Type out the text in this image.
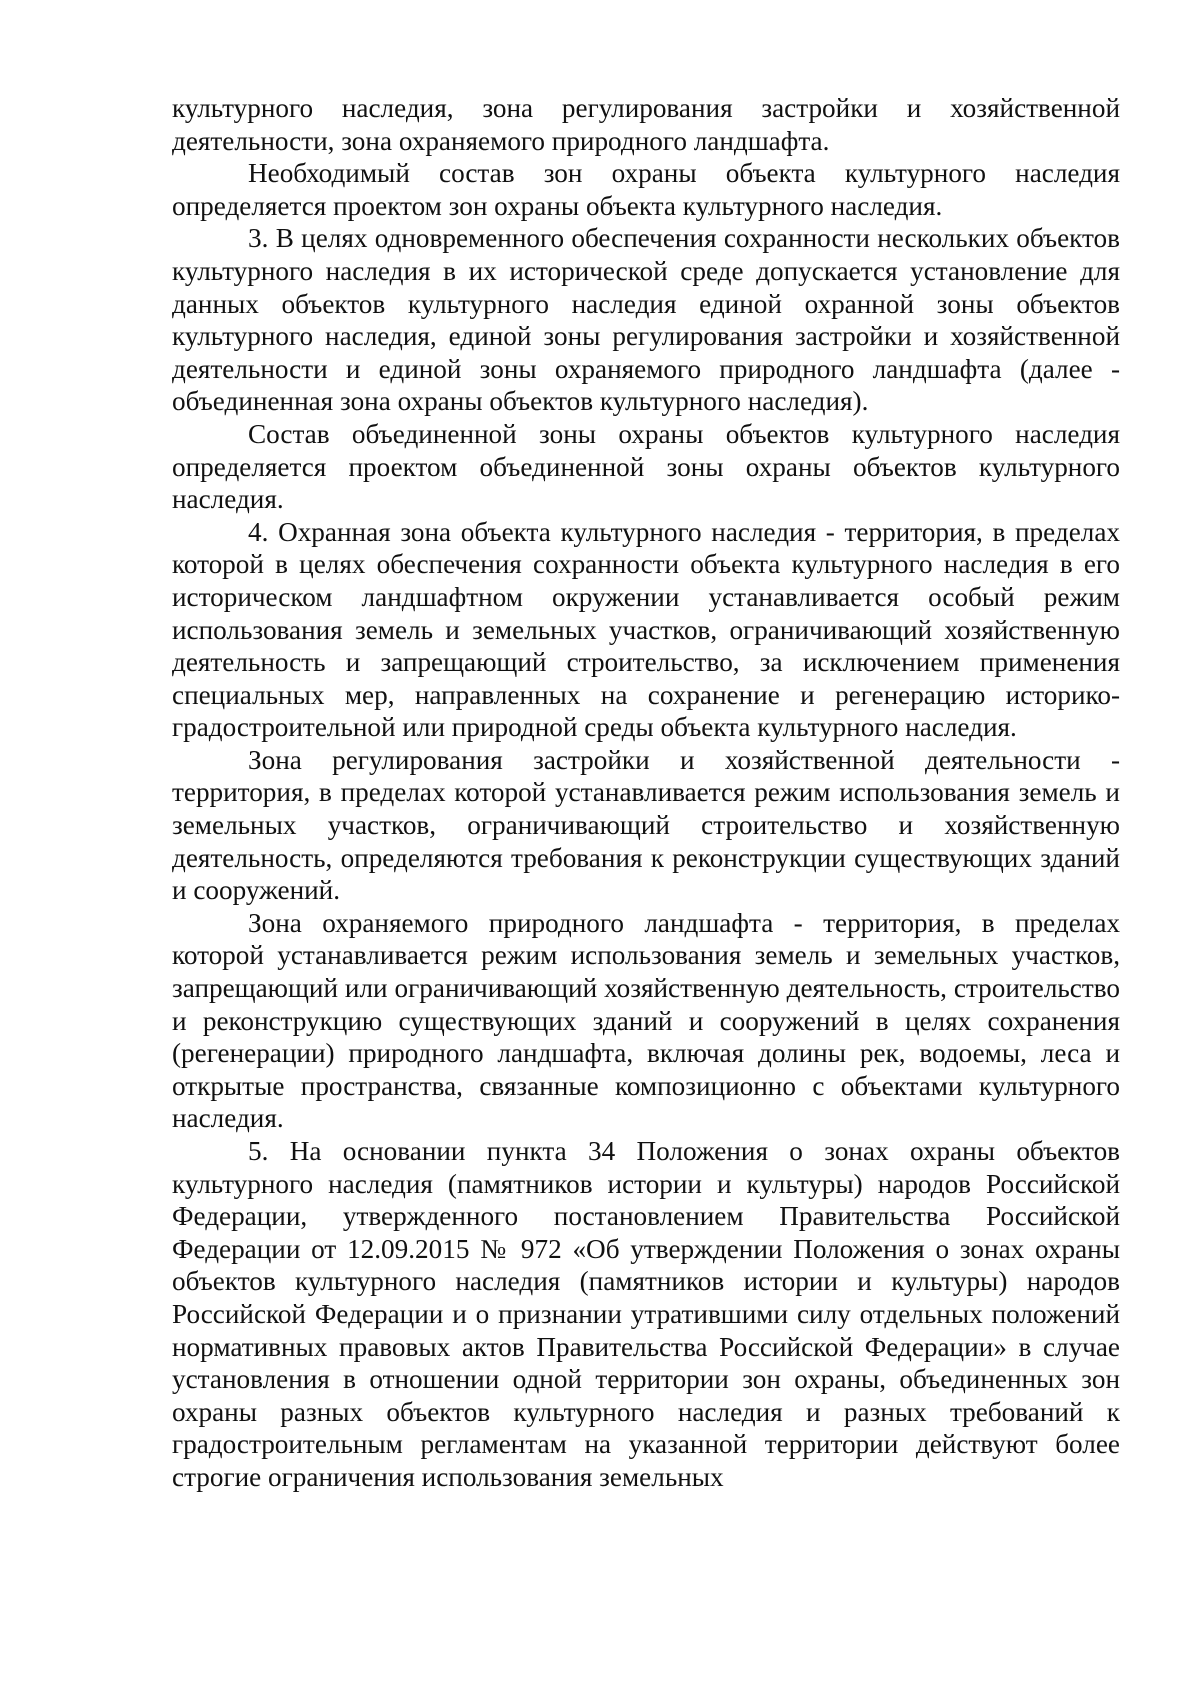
культурного наследия, зона регулирования застройки и хозяйственной деятельности, зона охраняемого природного ландшафта.

Необходимый состав зон охраны объекта культурного наследия определяется проектом зон охраны объекта культурного наследия.

3. В целях одновременного обеспечения сохранности нескольких объектов культурного наследия в их исторической среде допускается установление для данных объектов культурного наследия единой охранной зоны объектов культурного наследия, единой зоны регулирования застройки и хозяйственной деятельности и единой зоны охраняемого природного ландшафта (далее - объединенная зона охраны объектов культурного наследия).

Состав объединенной зоны охраны объектов культурного наследия определяется проектом объединенной зоны охраны объектов культурного наследия.

4. Охранная зона объекта культурного наследия - территория, в пределах которой в целях обеспечения сохранности объекта культурного наследия в его историческом ландшафтном окружении устанавливается особый режим использования земель и земельных участков, ограничивающий хозяйственную деятельность и запрещающий строительство, за исключением применения специальных мер, направленных на сохранение и регенерацию историко-градостроительной или природной среды объекта культурного наследия.

Зона регулирования застройки и хозяйственной деятельности - территория, в пределах которой устанавливается режим использования земель и земельных участков, ограничивающий строительство и хозяйственную деятельность, определяются требования к реконструкции существующих зданий и сооружений.

Зона охраняемого природного ландшафта - территория, в пределах которой устанавливается режим использования земель и земельных участков, запрещающий или ограничивающий хозяйственную деятельность, строительство и реконструкцию существующих зданий и сооружений в целях сохранения (регенерации) природного ландшафта, включая долины рек, водоемы, леса и открытые пространства, связанные композиционно с объектами культурного наследия.

5. На основании пункта 34 Положения о зонах охраны объектов культурного наследия (памятников истории и культуры) народов Российской Федерации, утвержденного постановлением Правительства Российской Федерации от 12.09.2015 № 972 «Об утверждении Положения о зонах охраны объектов культурного наследия (памятников истории и культуры) народов Российской Федерации и о признании утратившими силу отдельных положений нормативных правовых актов Правительства Российской Федерации» в случае установления в отношении одной территории зон охраны, объединенных зон охраны разных объектов культурного наследия и разных требований к градостроительным регламентам на указанной территории действуют более строгие ограничения использования земельных
